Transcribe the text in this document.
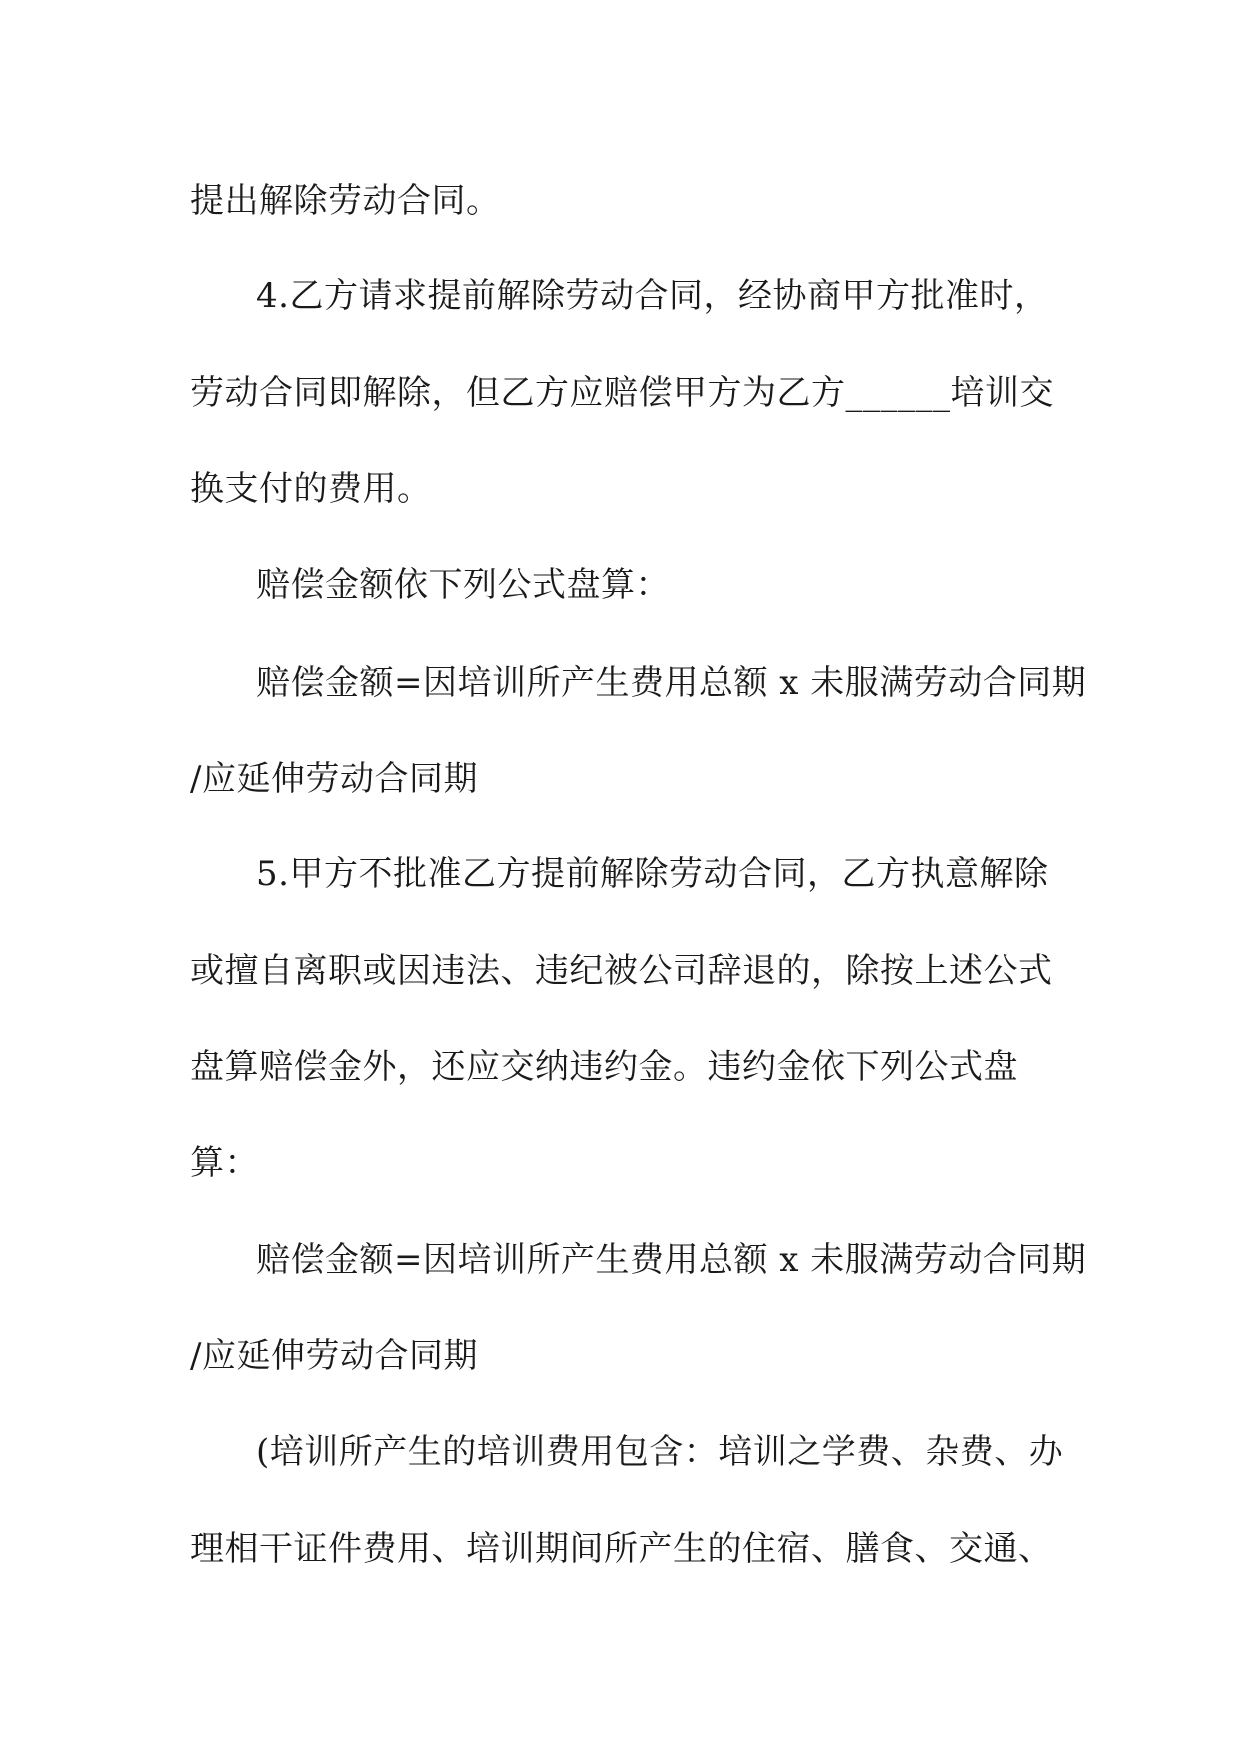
提出解除劳动合同。
4.乙方请求提前解除劳动合同，经协商甲方批准时，
劳动合同即解除，但乙方应赔偿甲方为乙方______培训交
换支付的费用。
赔偿金额依下列公式盘算：
赔偿金额=因培训所产生费用总额 x 未服满劳动合同期
/应延伸劳动合同期
5.甲方不批准乙方提前解除劳动合同，乙方执意解除
或擅自离职或因违法、违纪被公司辞退的，除按上述公式
盘算赔偿金外，还应交纳违约金。违约金依下列公式盘
算：
赔偿金额=因培训所产生费用总额 x 未服满劳动合同期
/应延伸劳动合同期
(培训所产生的培训费用包含：培训之学费、杂费、办
理相干证件费用、培训期间所产生的住宿、膳食、交通、
